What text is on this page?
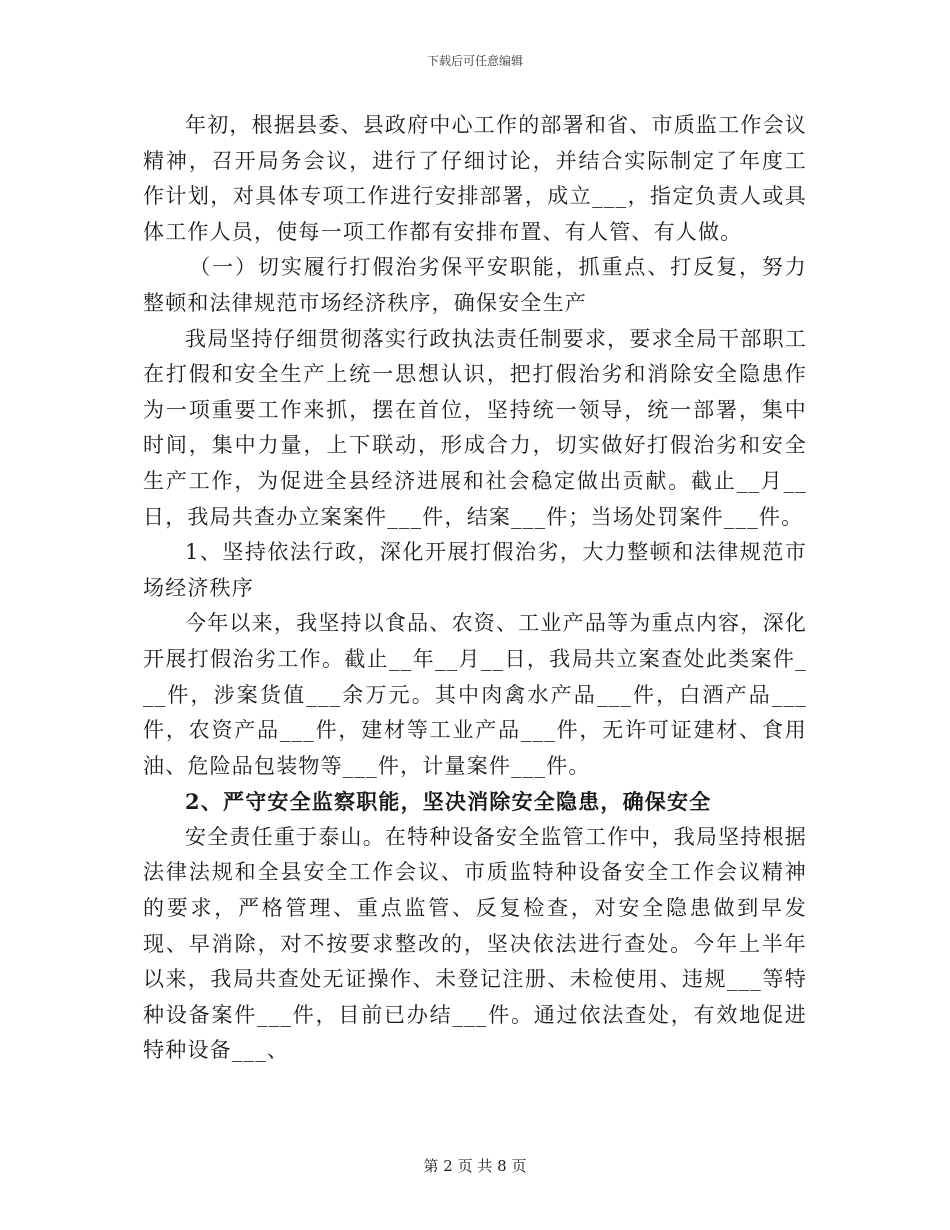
下载后可任意编辑

年初，根据县委、县政府中心工作的部署和省、市质监工作会议精神，召开局务会议，进行了仔细讨论，并结合实际制定了年度工作计划，对具体专项工作进行安排部署，成立___，指定负责人或具体工作人员，使每一项工作都有安排布置、有人管、有人做。

（一）切实履行打假治劣保平安职能，抓重点、打反复，努力整顿和法律规范市场经济秩序，确保安全生产

我局坚持仔细贯彻落实行政执法责任制要求，要求全局干部职工在打假和安全生产上统一思想认识，把打假治劣和消除安全隐患作为一项重要工作来抓，摆在首位，坚持统一领导，统一部署，集中时间，集中力量，上下联动，形成合力，切实做好打假治劣和安全生产工作，为促进全县经济进展和社会稳定做出贡献。截止__月__日，我局共查办立案案件___件，结案___件；当场处罚案件___件。

1、坚持依法行政，深化开展打假治劣，大力整顿和法律规范市场经济秩序

今年以来，我坚持以食品、农资、工业产品等为重点内容，深化开展打假治劣工作。截止__年__月__日，我局共立案查处此类案件___件，涉案货值___余万元。其中肉禽水产品___件，白酒产品___件，农资产品___件，建材等工业产品___件，无许可证建材、食用油、危险品包装物等___件，计量案件___件。

2、严守安全监察职能，坚决消除安全隐患，确保安全

安全责任重于泰山。在特种设备安全监管工作中，我局坚持根据法律法规和全县安全工作会议、市质监特种设备安全工作会议精神的要求，严格管理、重点监管、反复检查，对安全隐患做到早发现、早消除，对不按要求整改的，坚决依法进行查处。今年上半年以来，我局共查处无证操作、未登记注册、未检使用、违规___等特种设备案件___件，目前已办结___件。通过依法查处，有效地促进特种设备___、

第 2 页 共 8 页
